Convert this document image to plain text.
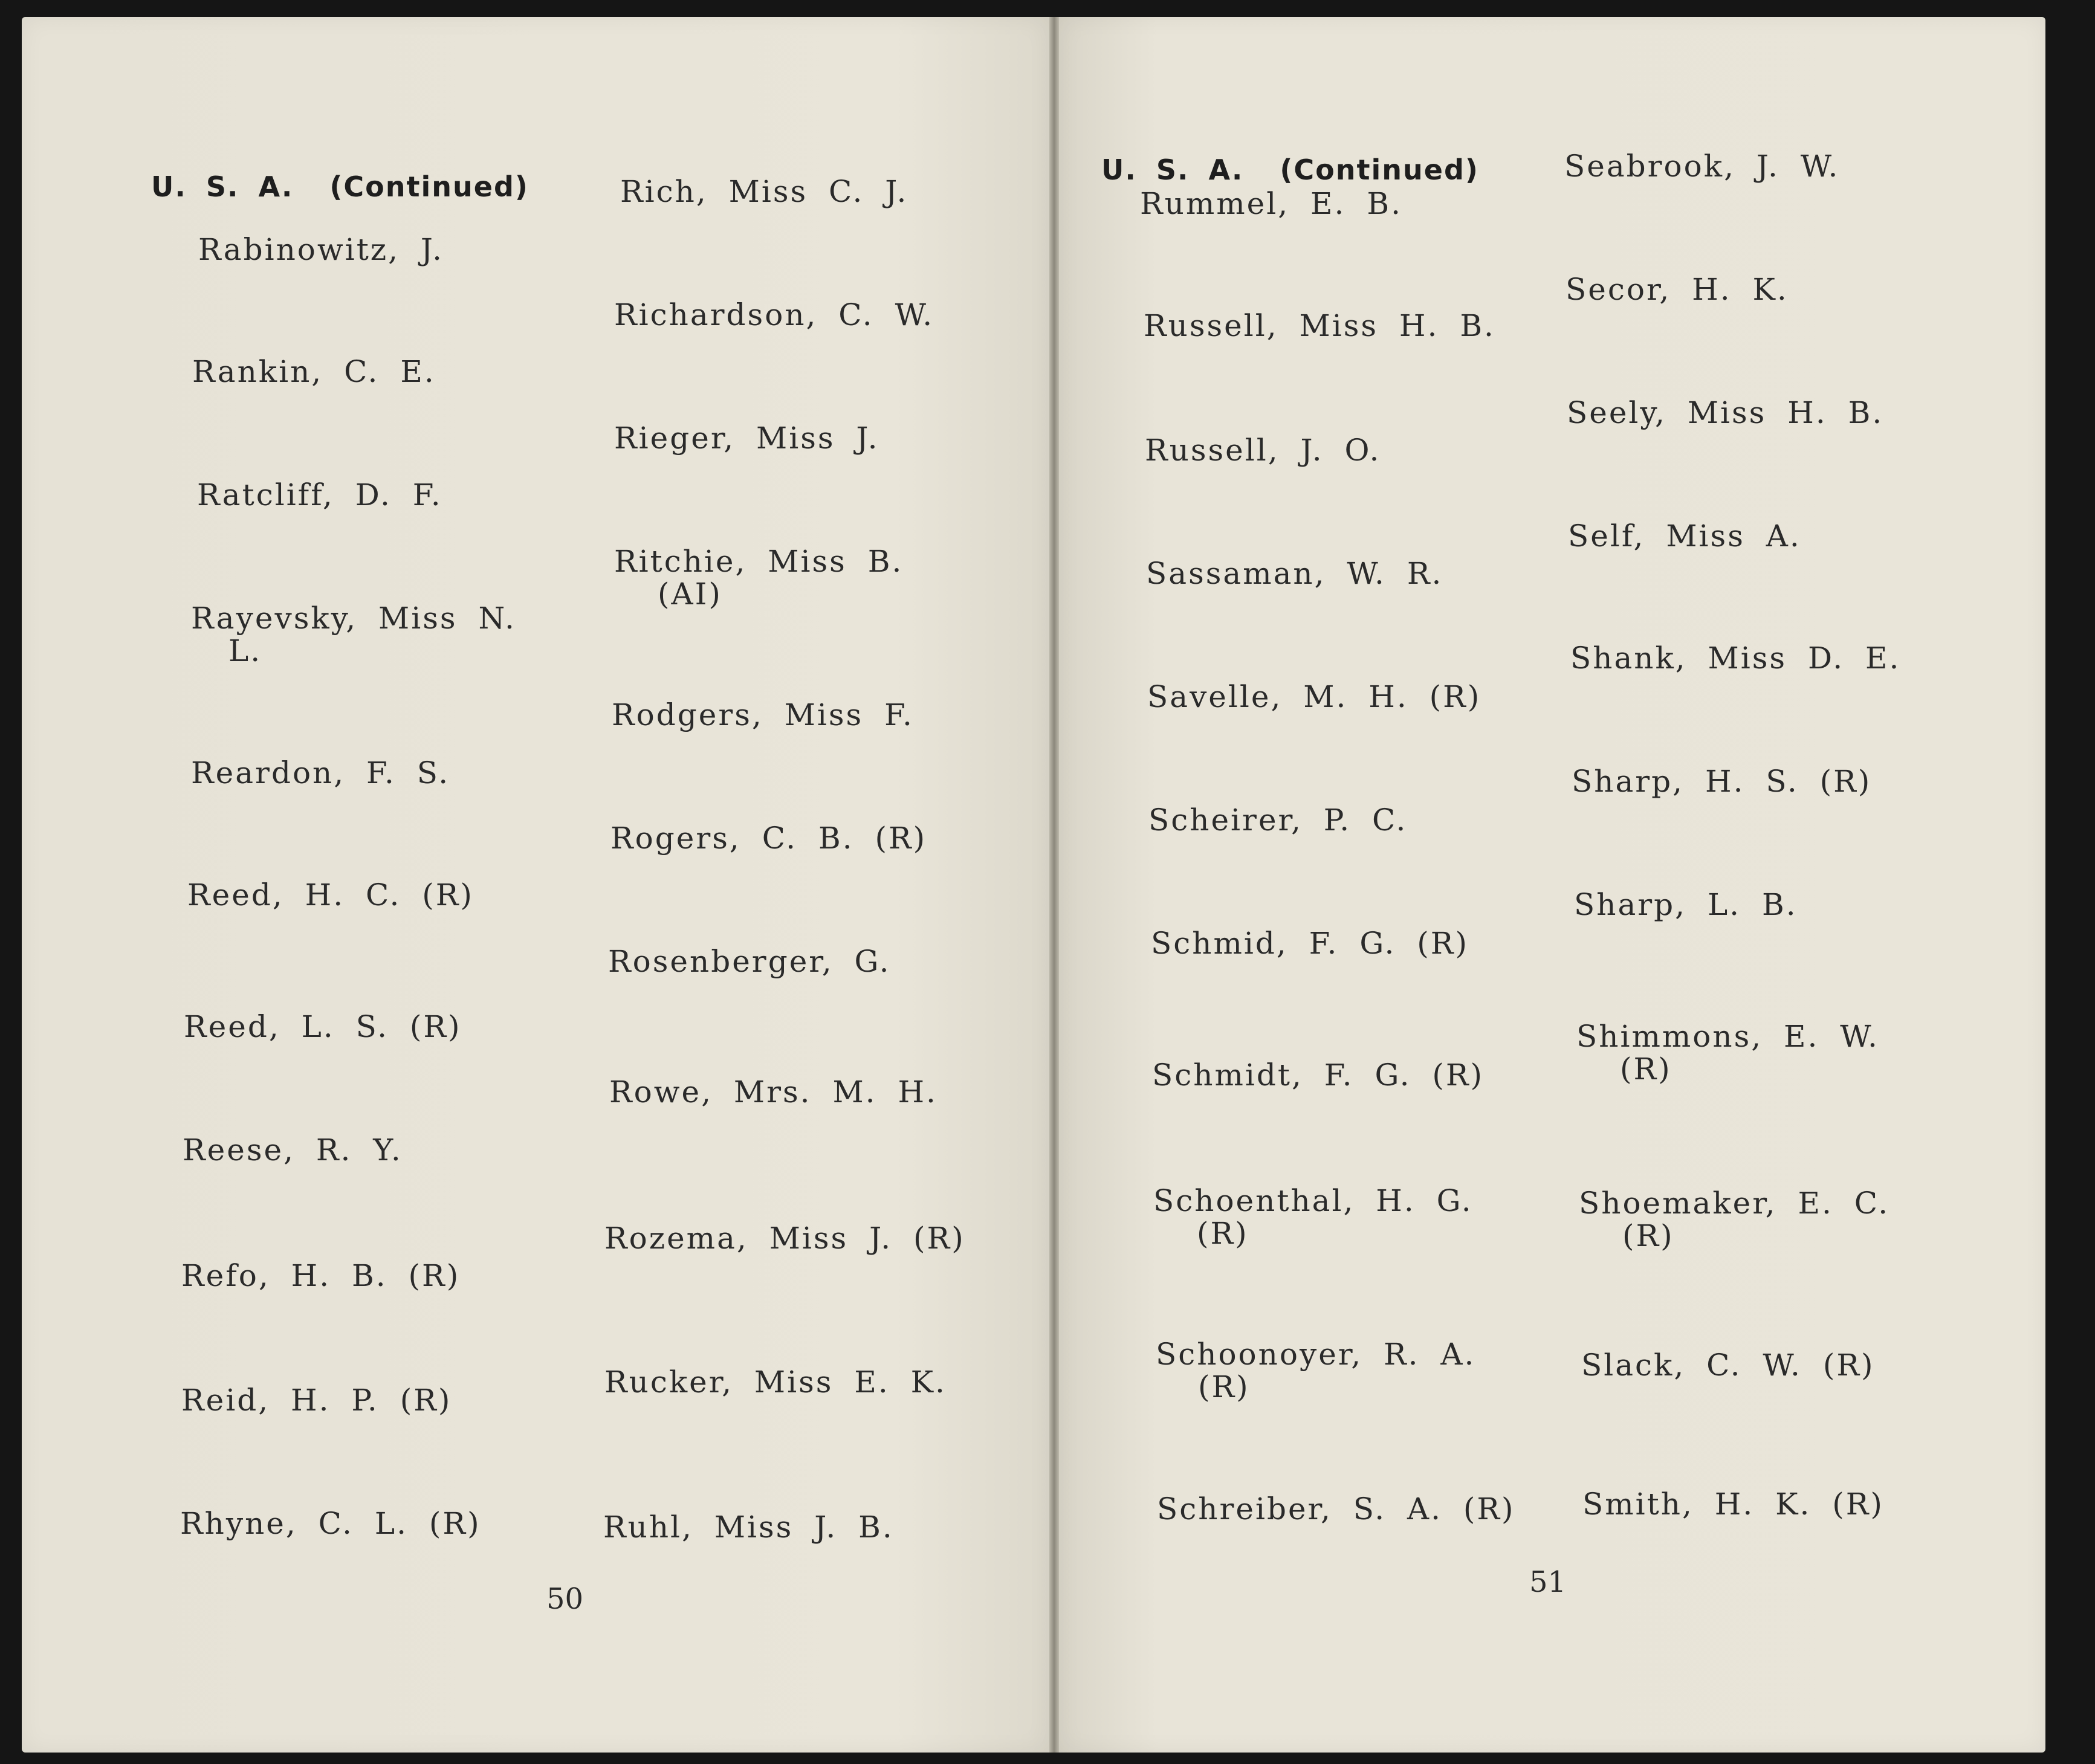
U. S. A. (Continued)
Rabinowitz, J.
Rankin, C. E.
Ratcliff, D. F.
Rayevsky, Miss N.
L.
Reardon, F. S.
Reed, H. C. (R)
Reed, L. S. (R)
Reese, R. Y.
Refo, H. B. (R)
Reid, H. P. (R)
Rhyne, C. L. (R)
Rich, Miss C. J.
Richardson, C. W.
Rieger, Miss J.
Ritchie, Miss B.
(AI)
Rodgers, Miss F.
Rogers, C. B. (R)
Rosenberger, G.
Rowe, Mrs. M. H.
Rozema, Miss J. (R)
Rucker, Miss E. K.
Ruhl, Miss J. B.
50
U. S. A. (Continued)
Rummel, E. B.
Russell, Miss H. B.
Russell, J. O.
Sassaman, W. R.
Savelle, M. H. (R)
Scheirer, P. C.
Schmid, F. G. (R)
Schmidt, F. G. (R)
Schoenthal, H. G.
(R)
Schoonoyer, R. A.
(R)
Schreiber, S. A. (R)
Seabrook, J. W.
Secor, H. K.
Seely, Miss H. B.
Self, Miss A.
Shank, Miss D. E.
Sharp, H. S. (R)
Sharp, L. B.
Shimmons, E. W.
(R)
Shoemaker, E. C.
(R)
Slack, C. W. (R)
Smith, H. K. (R)
51
